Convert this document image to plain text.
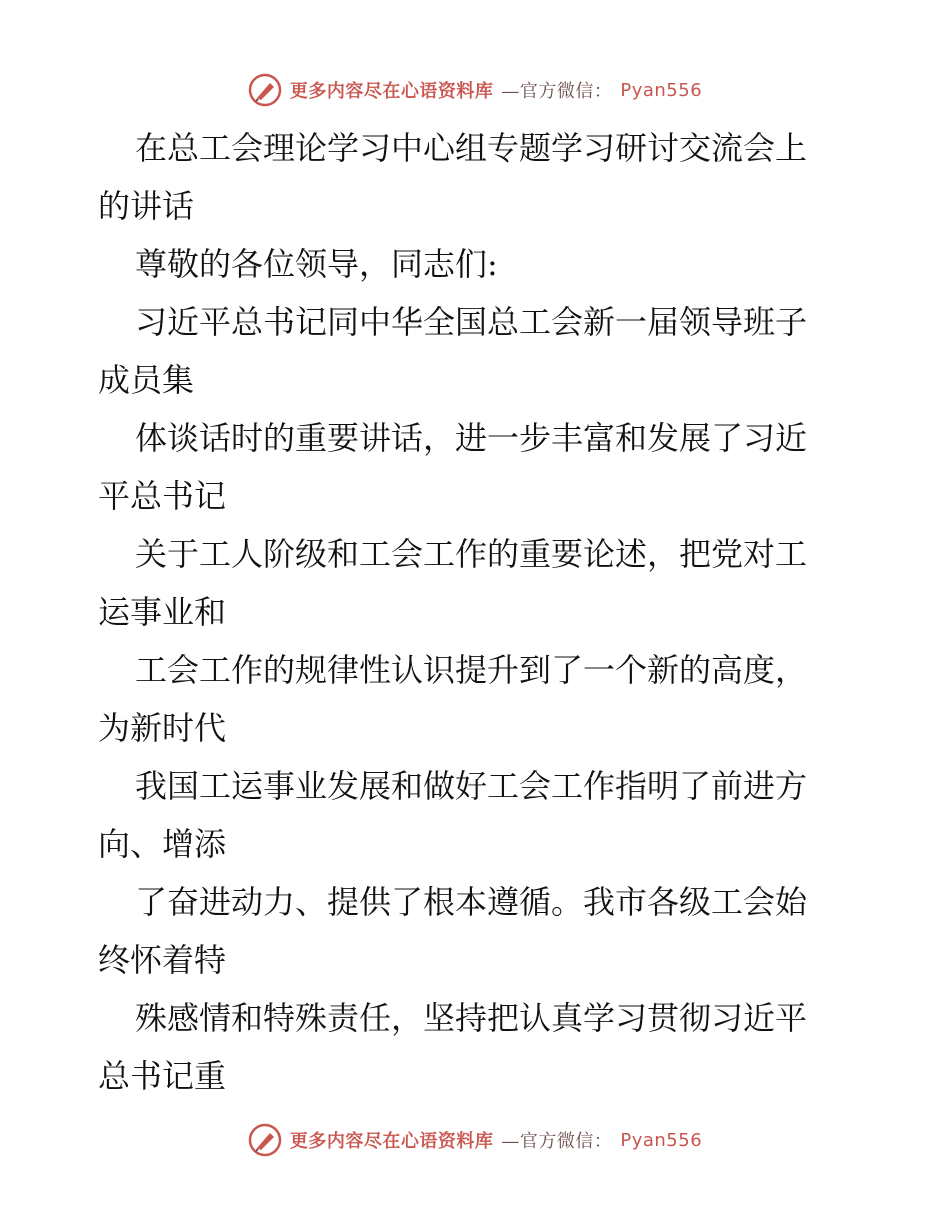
更多内容尽在心语资料库 —官方微信： Pyan556
在总工会理论学习中心组专题学习研讨交流会上
的讲话
尊敬的各位领导，同志们:
习近平总书记同中华全国总工会新一届领导班子
成员集
体谈话时的重要讲话，进一步丰富和发展了习近
平总书记
关于工人阶级和工会工作的重要论述，把党对工
运事业和
工会工作的规律性认识提升到了一个新的高度，
为新时代
我国工运事业发展和做好工会工作指明了前进方
向、增添
了奋进动力、提供了根本遵循。我市各级工会始
终怀着特
殊感情和特殊责任，坚持把认真学习贯彻习近平
总书记重
更多内容尽在心语资料库 —官方微信： Pyan556
